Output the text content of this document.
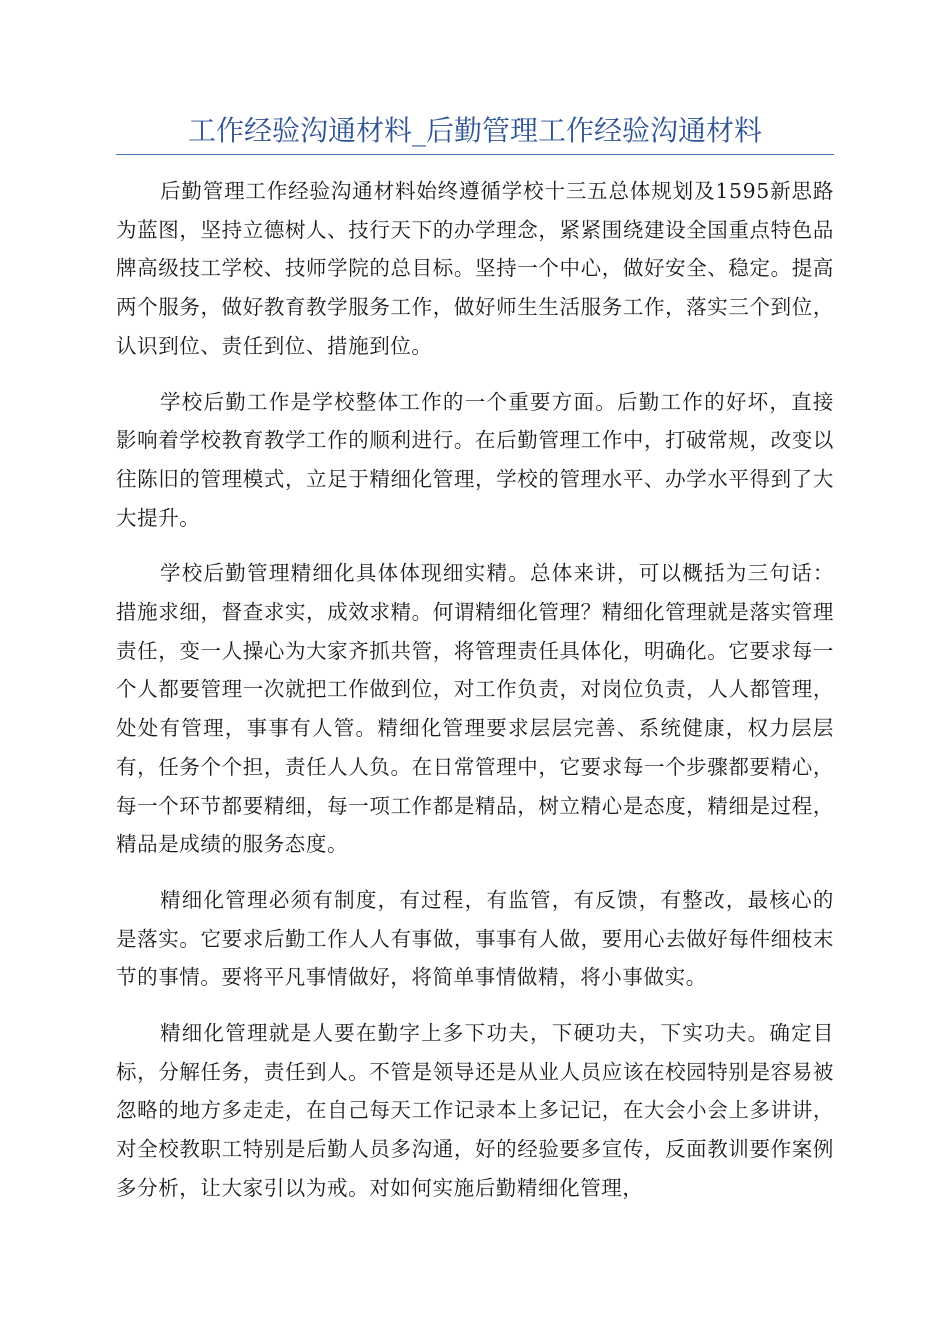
工作经验沟通材料_后勤管理工作经验沟通材料

后勤管理工作经验沟通材料始终遵循学校十三五总体规划及1595新思路为蓝图，坚持立德树人、技行天下的办学理念，紧紧围绕建设全国重点特色品牌高级技工学校、技师学院的总目标。坚持一个中心，做好安全、稳定。提高两个服务，做好教育教学服务工作，做好师生生活服务工作，落实三个到位，认识到位、责任到位、措施到位。

学校后勤工作是学校整体工作的一个重要方面。后勤工作的好坏，直接影响着学校教育教学工作的顺利进行。在后勤管理工作中，打破常规，改变以往陈旧的管理模式，立足于精细化管理，学校的管理水平、办学水平得到了大大提升。

学校后勤管理精细化具体体现细实精。总体来讲，可以概括为三句话：措施求细，督查求实，成效求精。何谓精细化管理？精细化管理就是落实管理责任，变一人操心为大家齐抓共管，将管理责任具体化，明确化。它要求每一个人都要管理一次就把工作做到位，对工作负责，对岗位负责，人人都管理，处处有管理，事事有人管。精细化管理要求层层完善、系统健康，权力层层有，任务个个担，责任人人负。在日常管理中，它要求每一个步骤都要精心，每一个环节都要精细，每一项工作都是精品，树立精心是态度，精细是过程，精品是成绩的服务态度。

精细化管理必须有制度，有过程，有监管，有反馈，有整改，最核心的是落实。它要求后勤工作人人有事做，事事有人做，要用心去做好每件细枝末节的事情。要将平凡事情做好，将简单事情做精，将小事做实。

精细化管理就是人要在勤字上多下功夫，下硬功夫，下实功夫。确定目标，分解任务，责任到人。不管是领导还是从业人员应该在校园特别是容易被忽略的地方多走走，在自己每天工作记录本上多记记，在大会小会上多讲讲，对全校教职工特别是后勤人员多沟通，好的经验要多宣传，反面教训要作案例多分析，让大家引以为戒。对如何实施后勤精细化管理，
